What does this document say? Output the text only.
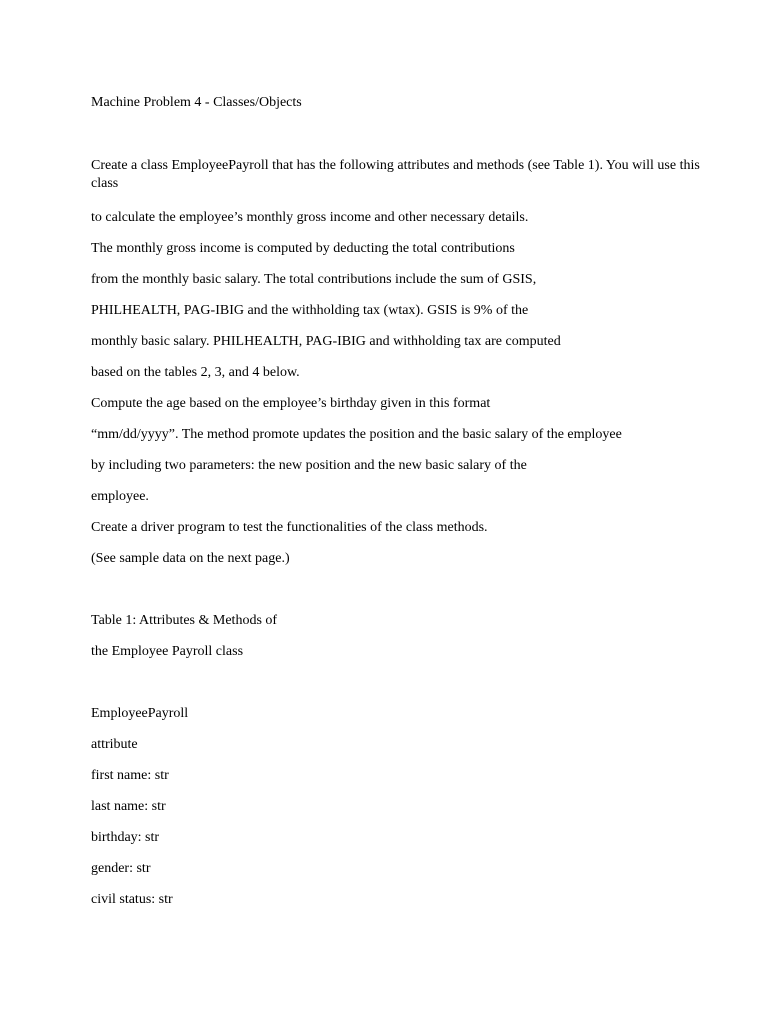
Machine Problem 4 - Classes/Objects

Create a class EmployeePayroll that has the following attributes and methods (see Table 1). You will use this class

to calculate the employee’s monthly gross income and other necessary details.

The monthly gross income is computed by deducting the total contributions

from the monthly basic salary. The total contributions include the sum of GSIS,

PHILHEALTH, PAG-IBIG and the withholding tax (wtax). GSIS is 9% of the

monthly basic salary. PHILHEALTH, PAG-IBIG and withholding tax are computed

based on the tables 2, 3, and 4 below.

Compute the age based on the employee’s birthday given in this format

“mm/dd/yyyy”. The method promote updates the position and the basic salary of the employee

by including two parameters: the new position and the new basic salary of the

employee.

Create a driver program to test the functionalities of the class methods.

(See sample data on the next page.)

Table 1: Attributes & Methods of

the Employee Payroll class

EmployeePayroll

attribute

first name: str

last name: str

birthday: str

gender: str

civil status: str
